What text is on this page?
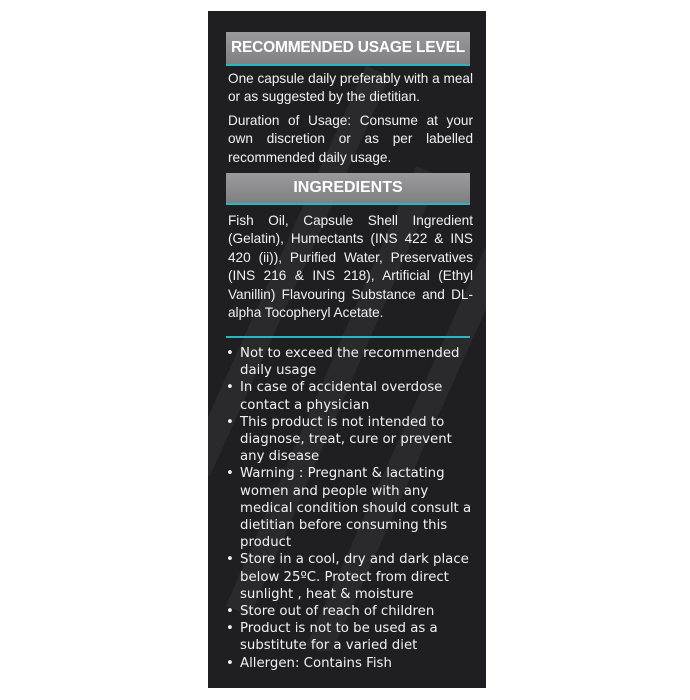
RECOMMENDED USAGE LEVEL
One capsule daily preferably with a meal or as suggested by the dietitian.
Duration of Usage: Consume at your own discretion or as per labelled recommended daily usage.
INGREDIENTS
Fish Oil, Capsule Shell Ingredient (Gelatin), Humectants (INS 422 & INS 420 (ii)), Purified Water, Preservatives (INS 216 & INS 218), Artificial (Ethyl Vanillin) Flavouring Substance and DL-alpha Tocopheryl Acetate.
• Not to exceed the recommended daily usage
• In case of accidental overdose contact a physician
• This product is not intended to diagnose, treat, cure or prevent any disease
• Warning : Pregnant & lactating women and people with any medical condition should consult a dietitian before consuming this product
• Store in a cool, dry and dark place below 25ºC. Protect from direct sunlight , heat & moisture
• Store out of reach of children
• Product is not to be used as a substitute for a varied diet
• Allergen: Contains Fish
